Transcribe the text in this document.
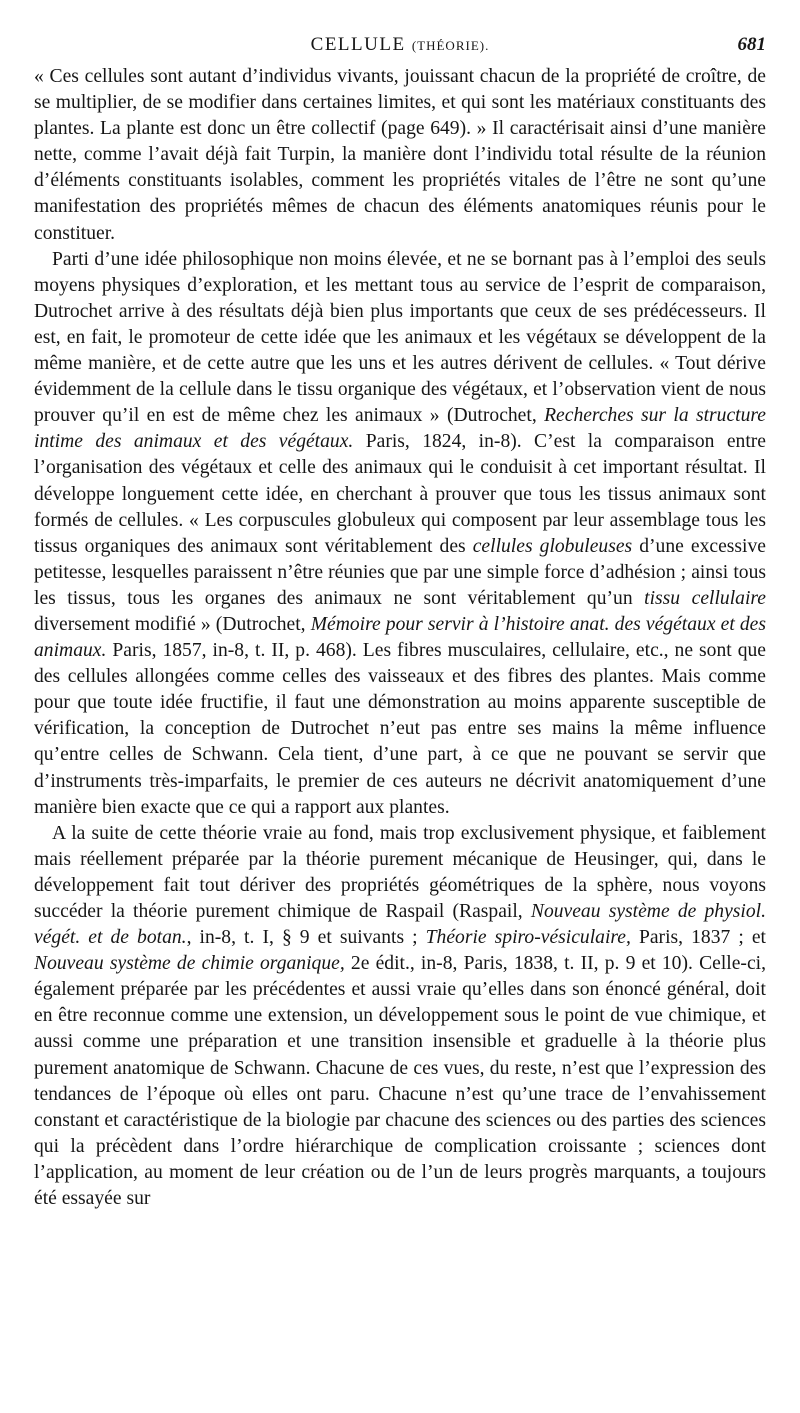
CELLULE (THÉORIE).	681

« Ces cellules sont autant d’individus vivants, jouissant chacun de la propriété de croître, de se multiplier, de se modifier dans certaines limites, et qui sont les matériaux constituants des plantes. La plante est donc un être collectif (page 649). » Il caractérisait ainsi d’une manière nette, comme l’avait déjà fait Turpin, la manière dont l’individu total résulte de la réunion d’éléments constituants isolables, comment les propriétés vitales de l’être ne sont qu’une manifestation des propriétés mêmes de chacun des éléments anatomiques réunis pour le constituer.

Parti d’une idée philosophique non moins élevée, et ne se bornant pas à l’emploi des seuls moyens physiques d’exploration, et les mettant tous au service de l’esprit de comparaison, Dutrochet arrive à des résultats déjà bien plus importants que ceux de ses prédécesseurs. Il est, en fait, le promoteur de cette idée que les animaux et les végétaux se développent de la même manière, et de cette autre que les uns et les autres dérivent de cellules. « Tout dérive évidemment de la cellule dans le tissu organique des végétaux, et l’observation vient de nous prouver qu’il en est de même chez les animaux » (Dutrochet, Recherches sur la structure intime des animaux et des végétaux. Paris, 1824, in-8). C’est la comparaison entre l’organisation des végétaux et celle des animaux qui le conduisit à cet important résultat. Il développe longuement cette idée, en cherchant à prouver que tous les tissus animaux sont formés de cellules. « Les corpuscules globuleux qui composent par leur assemblage tous les tissus organiques des animaux sont véritablement des cellules globuleuses d’une excessive petitesse, lesquelles paraissent n’être réunies que par une simple force d’adhésion ; ainsi tous les tissus, tous les organes des animaux ne sont véritablement qu’un tissu cellulaire diversement modifié » (Dutrochet, Mémoire pour servir à l’histoire anat. des végétaux et des animaux. Paris, 1857, in-8, t. II, p. 468). Les fibres musculaires, cellulaire, etc., ne sont que des cellules allongées comme celles des vaisseaux et des fibres des plantes. Mais comme pour que toute idée fructifie, il faut une démonstration au moins apparente susceptible de vérification, la conception de Dutrochet n’eut pas entre ses mains la même influence qu’entre celles de Schwann. Cela tient, d’une part, à ce que ne pouvant se servir que d’instruments très-imparfaits, le premier de ces auteurs ne décrivit anatomiquement d’une manière bien exacte que ce qui a rapport aux plantes.

A la suite de cette théorie vraie au fond, mais trop exclusivement physique, et faiblement mais réellement préparée par la théorie purement mécanique de Heusinger, qui, dans le développement fait tout dériver des propriétés géométriques de la sphère, nous voyons succéder la théorie purement chimique de Raspail (Raspail, Nouveau système de physiol. végét. et de botan., in-8, t. I, § 9 et suivants ; Théorie spiro-vésiculaire, Paris, 1837 ; et Nouveau système de chimie organique, 2e édit., in-8, Paris, 1838, t. II, p. 9 et 10). Celle-ci, également préparée par les précédentes et aussi vraie qu’elles dans son énoncé général, doit en être reconnue comme une extension, un développement sous le point de vue chimique, et aussi comme une préparation et une transition insensible et graduelle à la théorie plus purement anatomique de Schwann. Chacune de ces vues, du reste, n’est que l’expression des tendances de l’époque où elles ont paru. Chacune n’est qu’une trace de l’envahissement constant et caractéristique de la biologie par chacune des sciences ou des parties des sciences qui la précèdent dans l’ordre hiérarchique de complication croissante ; sciences dont l’application, au moment de leur création ou de l’un de leurs progrès marquants, a toujours été essayée sur
